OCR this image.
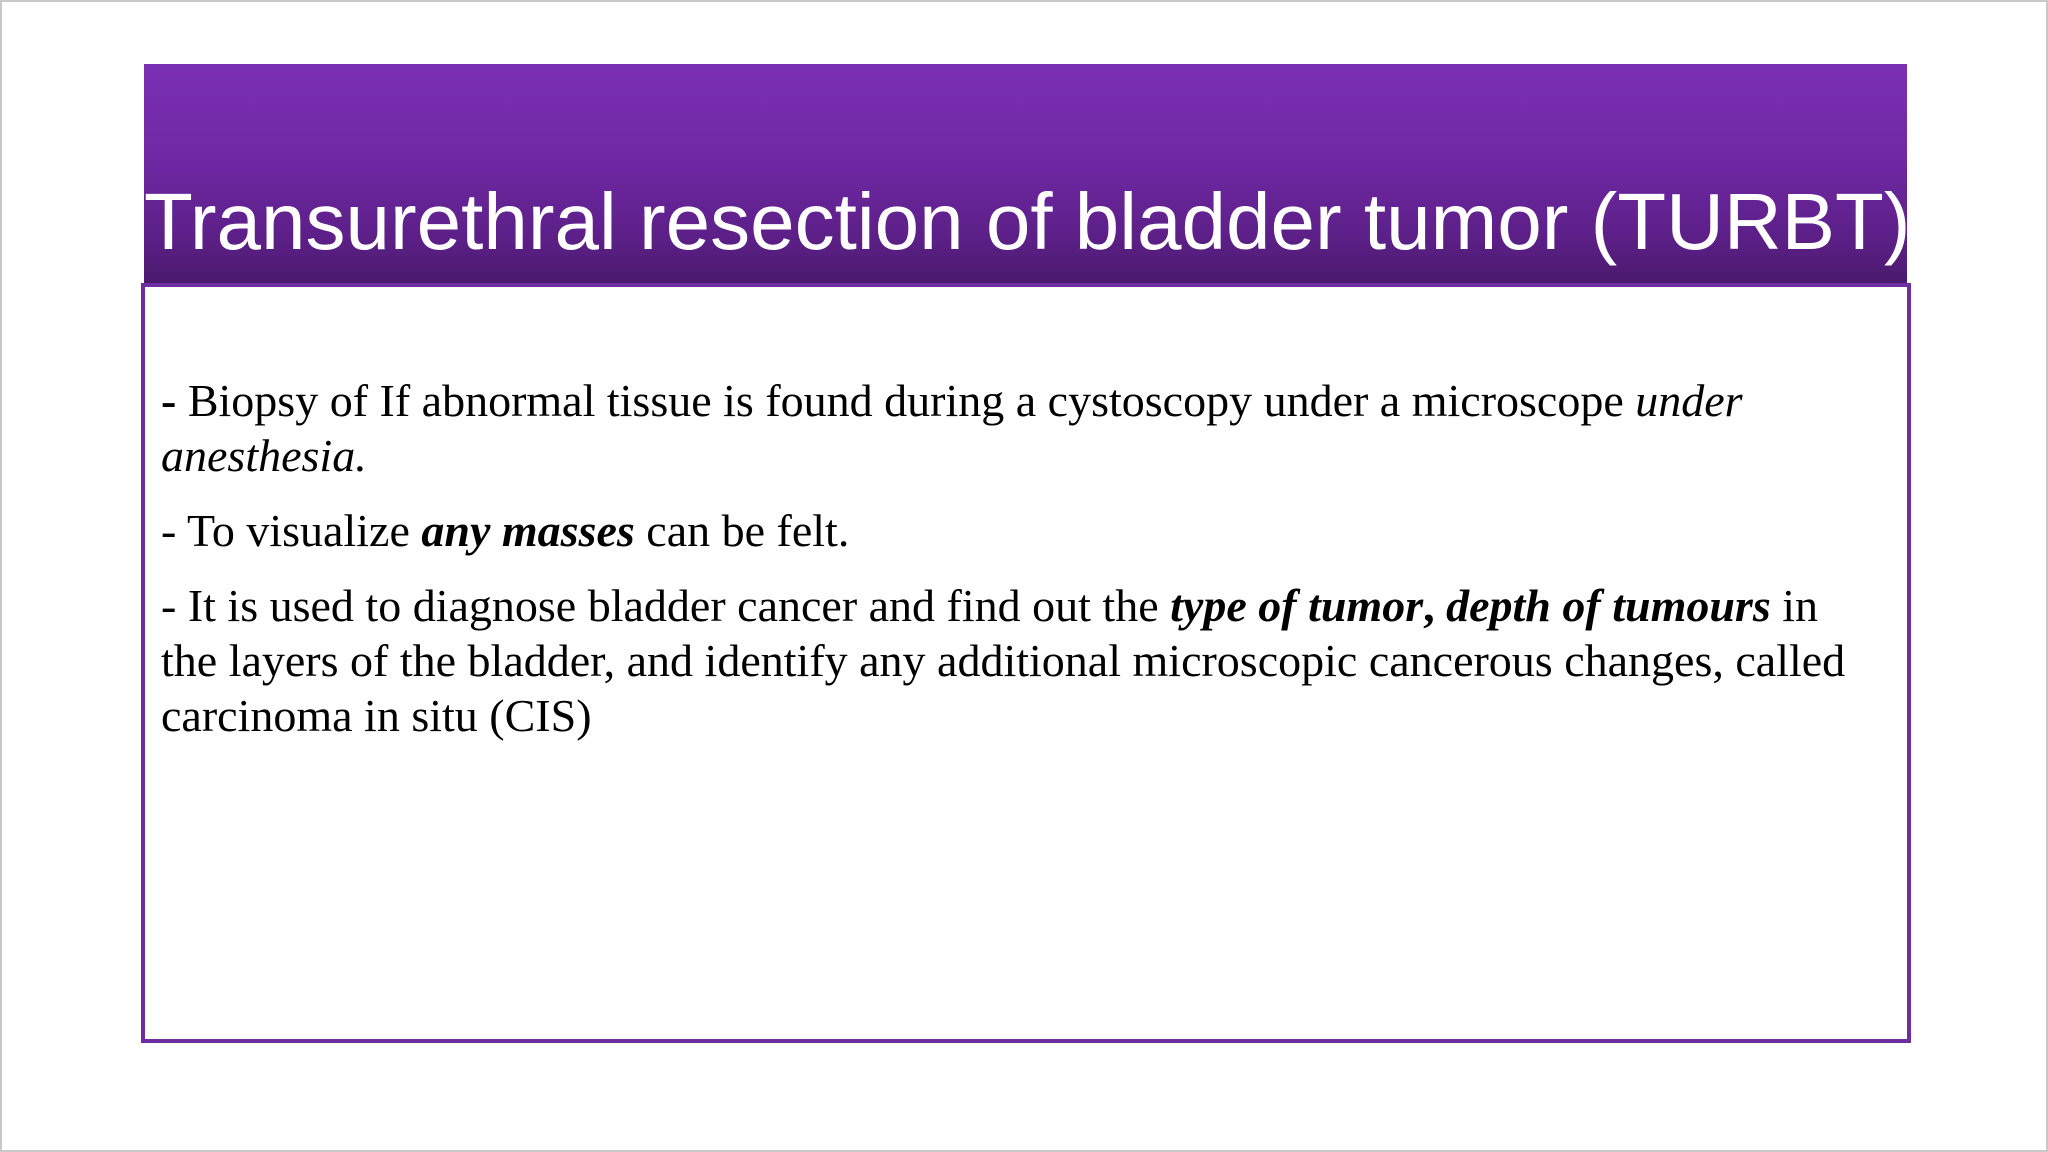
Transurethral resection of bladder tumor (TURBT)

- Biopsy of If abnormal tissue is found during a cystoscopy under a microscope under anesthesia.

- To visualize any masses can be felt.

- It is used to diagnose bladder cancer and find out the type of tumor, depth of tumours in the layers of the bladder, and identify any additional microscopic cancerous changes, called carcinoma in situ (CIS)
